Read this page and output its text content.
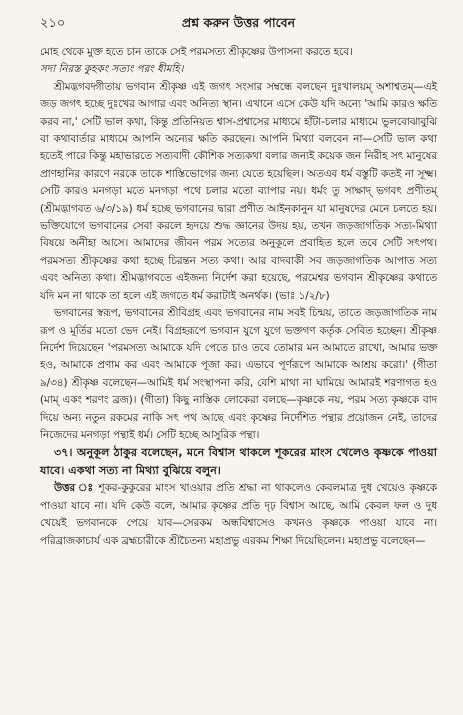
২১০	প্রশ্ন করুন উত্তর পাবেন

মোহ থেকে মুক্ত হতে চান তাকে সেই পরমসত্য শ্রীকৃষ্ণের উপাসনা করতে হবে।

সদা নিরস্ত কুহকং সত্যং পরং ধীমহি।

শ্রীমদ্ভগবদ্গীতায় ভগবান শ্রীকৃষ্ণ এই জগৎ সংসার সম্বন্ধে বলছেন দুঃখালয়ম্ অশাশ্বতম্—এই জড় জগৎ হচ্ছে দুঃখের আগার এবং অনিত্য স্থান। এখানে এসে কেউ যদি অন্যে 'আমি কারও ক্ষতি করব না,' সেটি ভাল কথা, কিন্তু প্রতিনিয়ত শ্বাস-প্রশ্বাসের মাধ্যমে হাঁটা-চলার মাধ্যমে ভুলবোঝাবুঝি বা কথাবার্তার মাধ্যমে আপনি অন্যের ক্ষতি করছেন। আপনি মিথ্যা বলবেন না—সেটি ভাল কথা হতেই পারে কিন্তু মহাভারতে সত্যবাদী কৌশিক সত্যকথা বলার জন্যই কয়েক জন নিরীহ সৎ মানুষের প্রাণহানির কারণে নরকে তাকে শাস্তিভোগের জন্য যেতে হয়েছিল। অতএব ধর্ম বস্তুটি কতই না সূক্ষ্ম। সেটি কারও মনগড়া মতে মনগড়া পথে চলার মতো ব্যাপার নয়। ধর্মং তু সাক্ষাদ্ ভগবৎ প্রণীতম্ (শ্রীমদ্ভাগবত ৬/৩/১৯) ধর্ম হচ্ছে ভগবানের দ্বারা প্রণীত আইনকানুন যা মানুষদের মেনে চলতে হয়। ভক্তিযোগে ভগবানের সেবা করলে হৃদয়ে শুদ্ধ জ্ঞানের উদয় হয়, তখন জড়জাগতিক সত্য-মিথ্যা বিষয়ে অনীহা আসে। আমাদের জীবন পরম সত্যের অনুকূলে প্রবাহিত হলে তবে সেটি সৎপথ। পরমসত্য শ্রীকৃষ্ণের কথা হচ্ছে চিরন্তন সত্য কথা। আর বাদবাকী সব জড়জাগতিক আপাত সত্য এবং অনিত্য কথা। শ্রীমদ্ভাগবতে এইজন্য নির্দেশ করা হয়েছে, পরমেশ্বর ভগবান শ্রীকৃষ্ণের কথাতে যদি মন না থাকে তা হলে এই জগতে ধর্ম করাটাই অনর্থক। (ভাঃ ১/২/৮)

ভগবানের স্বরূপ, ভগবানের শ্রীবিগ্রহ এবং ভগবানের নাম সবই চিন্ময়, তাতে জড়জাগতিক নাম রূপ ও মূর্তির মতো ভেদ নেই। বিগ্রহরূপে ভগবান যুগে যুগে ভক্তগণ কর্তৃক সেবিত হচ্ছেন। শ্রীকৃষ্ণ নির্দেশ দিয়েছেন 'পরমসত্য আমাকে যদি পেতে চাও তবে তোমার মন আমাতে রাখো, আমার ভক্ত হও, আমাকে প্রণাম কর এবং আমাকে পূজা কর। এভাবে পূর্ণরূপে আমাকে আশ্রয় করো।' (গীতা ৯/৩৪) শ্রীকৃষ্ণ বলেছেন—আমিই ধর্ম সংস্থাপনা করি, বেশি মাথা না ঘামিয়ে আমারই শরণাগত হও (মাম্ একং শরণং ব্রজ)। (গীতা) কিছু নাস্তিক লোকেরা বলছে—কৃষ্ণকে নয়, পরম সত্য কৃষ্ণকে বাদ দিয়ে অন্য নতুন রকমের নাকি সৎ পথ আছে এবং কৃষ্ণের নির্দেশিত পন্থার প্রয়োজন নেই, তাদের নিজেদের মনগড়া পন্থাই ধর্ম। সেটি হচ্ছে আসুরিক পন্থা।

৩৭। অনুকূল ঠাকুর বলেছেন, মনে বিশ্বাস থাকলে শূকরের মাংস খেলেও কৃষ্ণকে পাওয়া যাবে। একথা সত্য না মিথ্যা বুঝিয়ে বলুন।

উত্তর ঃ শূকর-কুকুরের মাংস খাওয়ার প্রতি শ্রদ্ধা না থাকলেও কেবলমাত্র দুধ খেয়েও কৃষ্ণকে পাওয়া যাবে না। যদি কেউ বলে, আমার কৃষ্ণের প্রতি দৃঢ় বিশ্বাস আছে, আমি কেবল ফল ও দুধ খেয়েই ভগবানকে পেয়ে যাব—সেরকম অন্ধবিশ্বাসেও কখনও কৃষ্ণকে পাওয়া যাবে না। পরিব্রাজকাচার্য এক ব্রহ্মচারীকে শ্রীচৈতন্য মহাপ্রভু এরকম শিক্ষা দিয়েছিলেন। মহাপ্রভু বলেছেন—
